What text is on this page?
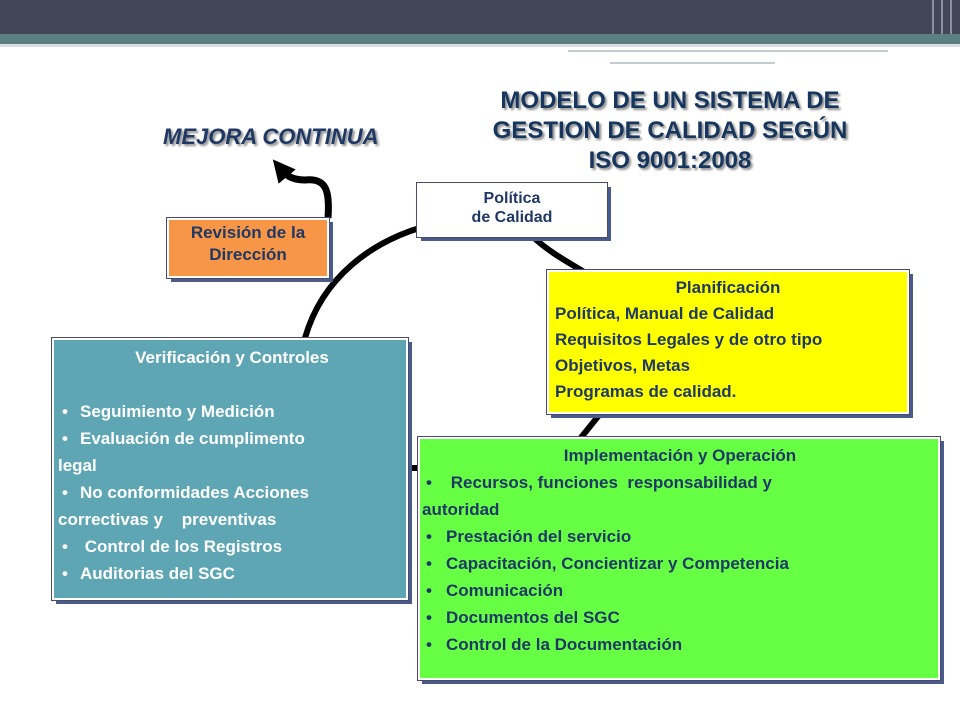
MODELO DE UN SISTEMA DE
GESTION DE CALIDAD SEGÚN
ISO 9001:2008
MEJORA CONTINUA
Política
de Calidad
Revisión de la
Dirección
Planificación
Política, Manual de Calidad
Requisitos Legales y de otro tipo
Objetivos, Metas
Programas de calidad.
Verificación y Controles
• Seguimiento y Medición
• Evaluación de cumplimento
legal
• No conformidades Acciones
correctivas y    preventivas
•  Control de los Registros
• Auditorias del SGC
Implementación y Operación
•  Recursos, funciones  responsabilidad y
autoridad
• Prestación del servicio
• Capacitación, Concientizar y Competencia
• Comunicación
• Documentos del SGC
• Control de la Documentación
